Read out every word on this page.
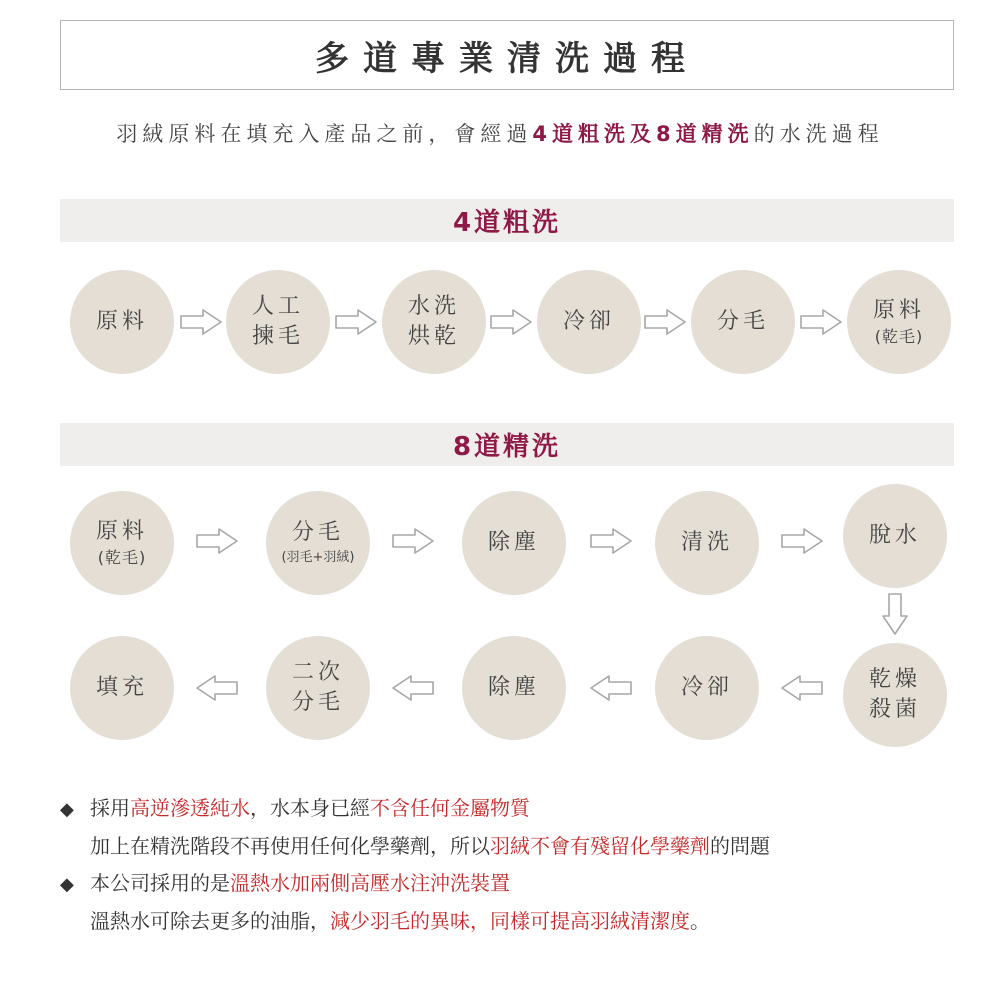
多道專業清洗過程
羽絨原料在填充入產品之前，會經過4道粗洗及8道精洗的水洗過程
4道粗洗
原料
人工
揀毛
水洗
烘乾
冷卻	分毛	原料
(乾毛)
8道精洗
原料
(乾毛)
分毛
(羽毛+羽絨)
除塵	清洗	脫水
填充
二次
分毛
除塵	冷卻	乾燥
殺菌
◆ 採用高逆滲透純水，水本身已經不含任何金屬物質
加上在精洗階段不再使用任何化學藥劑，所以羽絨不會有殘留化學藥劑的問題
◆ 本公司採用的是溫熱水加兩側高壓水注沖洗裝置
溫熱水可除去更多的油脂，減少羽毛的異味，同樣可提高羽絨清潔度。
